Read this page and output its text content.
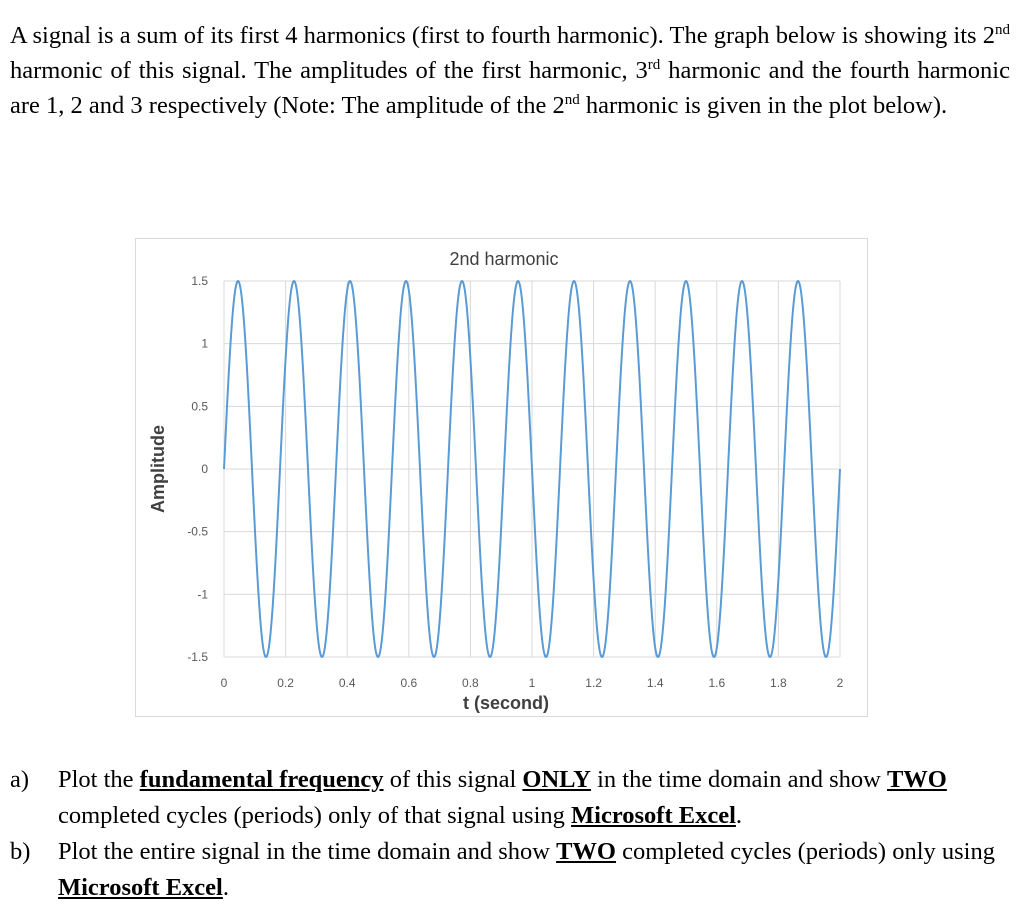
A signal is a sum of its first 4 harmonics (first to fourth harmonic). The graph below is showing its 2nd harmonic of this signal. The amplitudes of the first harmonic, 3rd harmonic and the fourth harmonic are 1, 2 and 3 respectively (Note: The amplitude of the 2nd harmonic is given in the plot below).
1.5
1
0.5
0
-0.5
-1
-1.5
0	0.2	0.4	0.6	0.8	1	1.2	1.4	1.6	1.8	2
2nd harmonic
t (second)
Amplitude
a)	Plot the fundamental frequency of this signal ONLY in the time domain and show TWO completed cycles (periods) only of that signal using Microsoft Excel.
b)	Plot the entire signal in the time domain and show TWO completed cycles (periods) only using Microsoft Excel.
